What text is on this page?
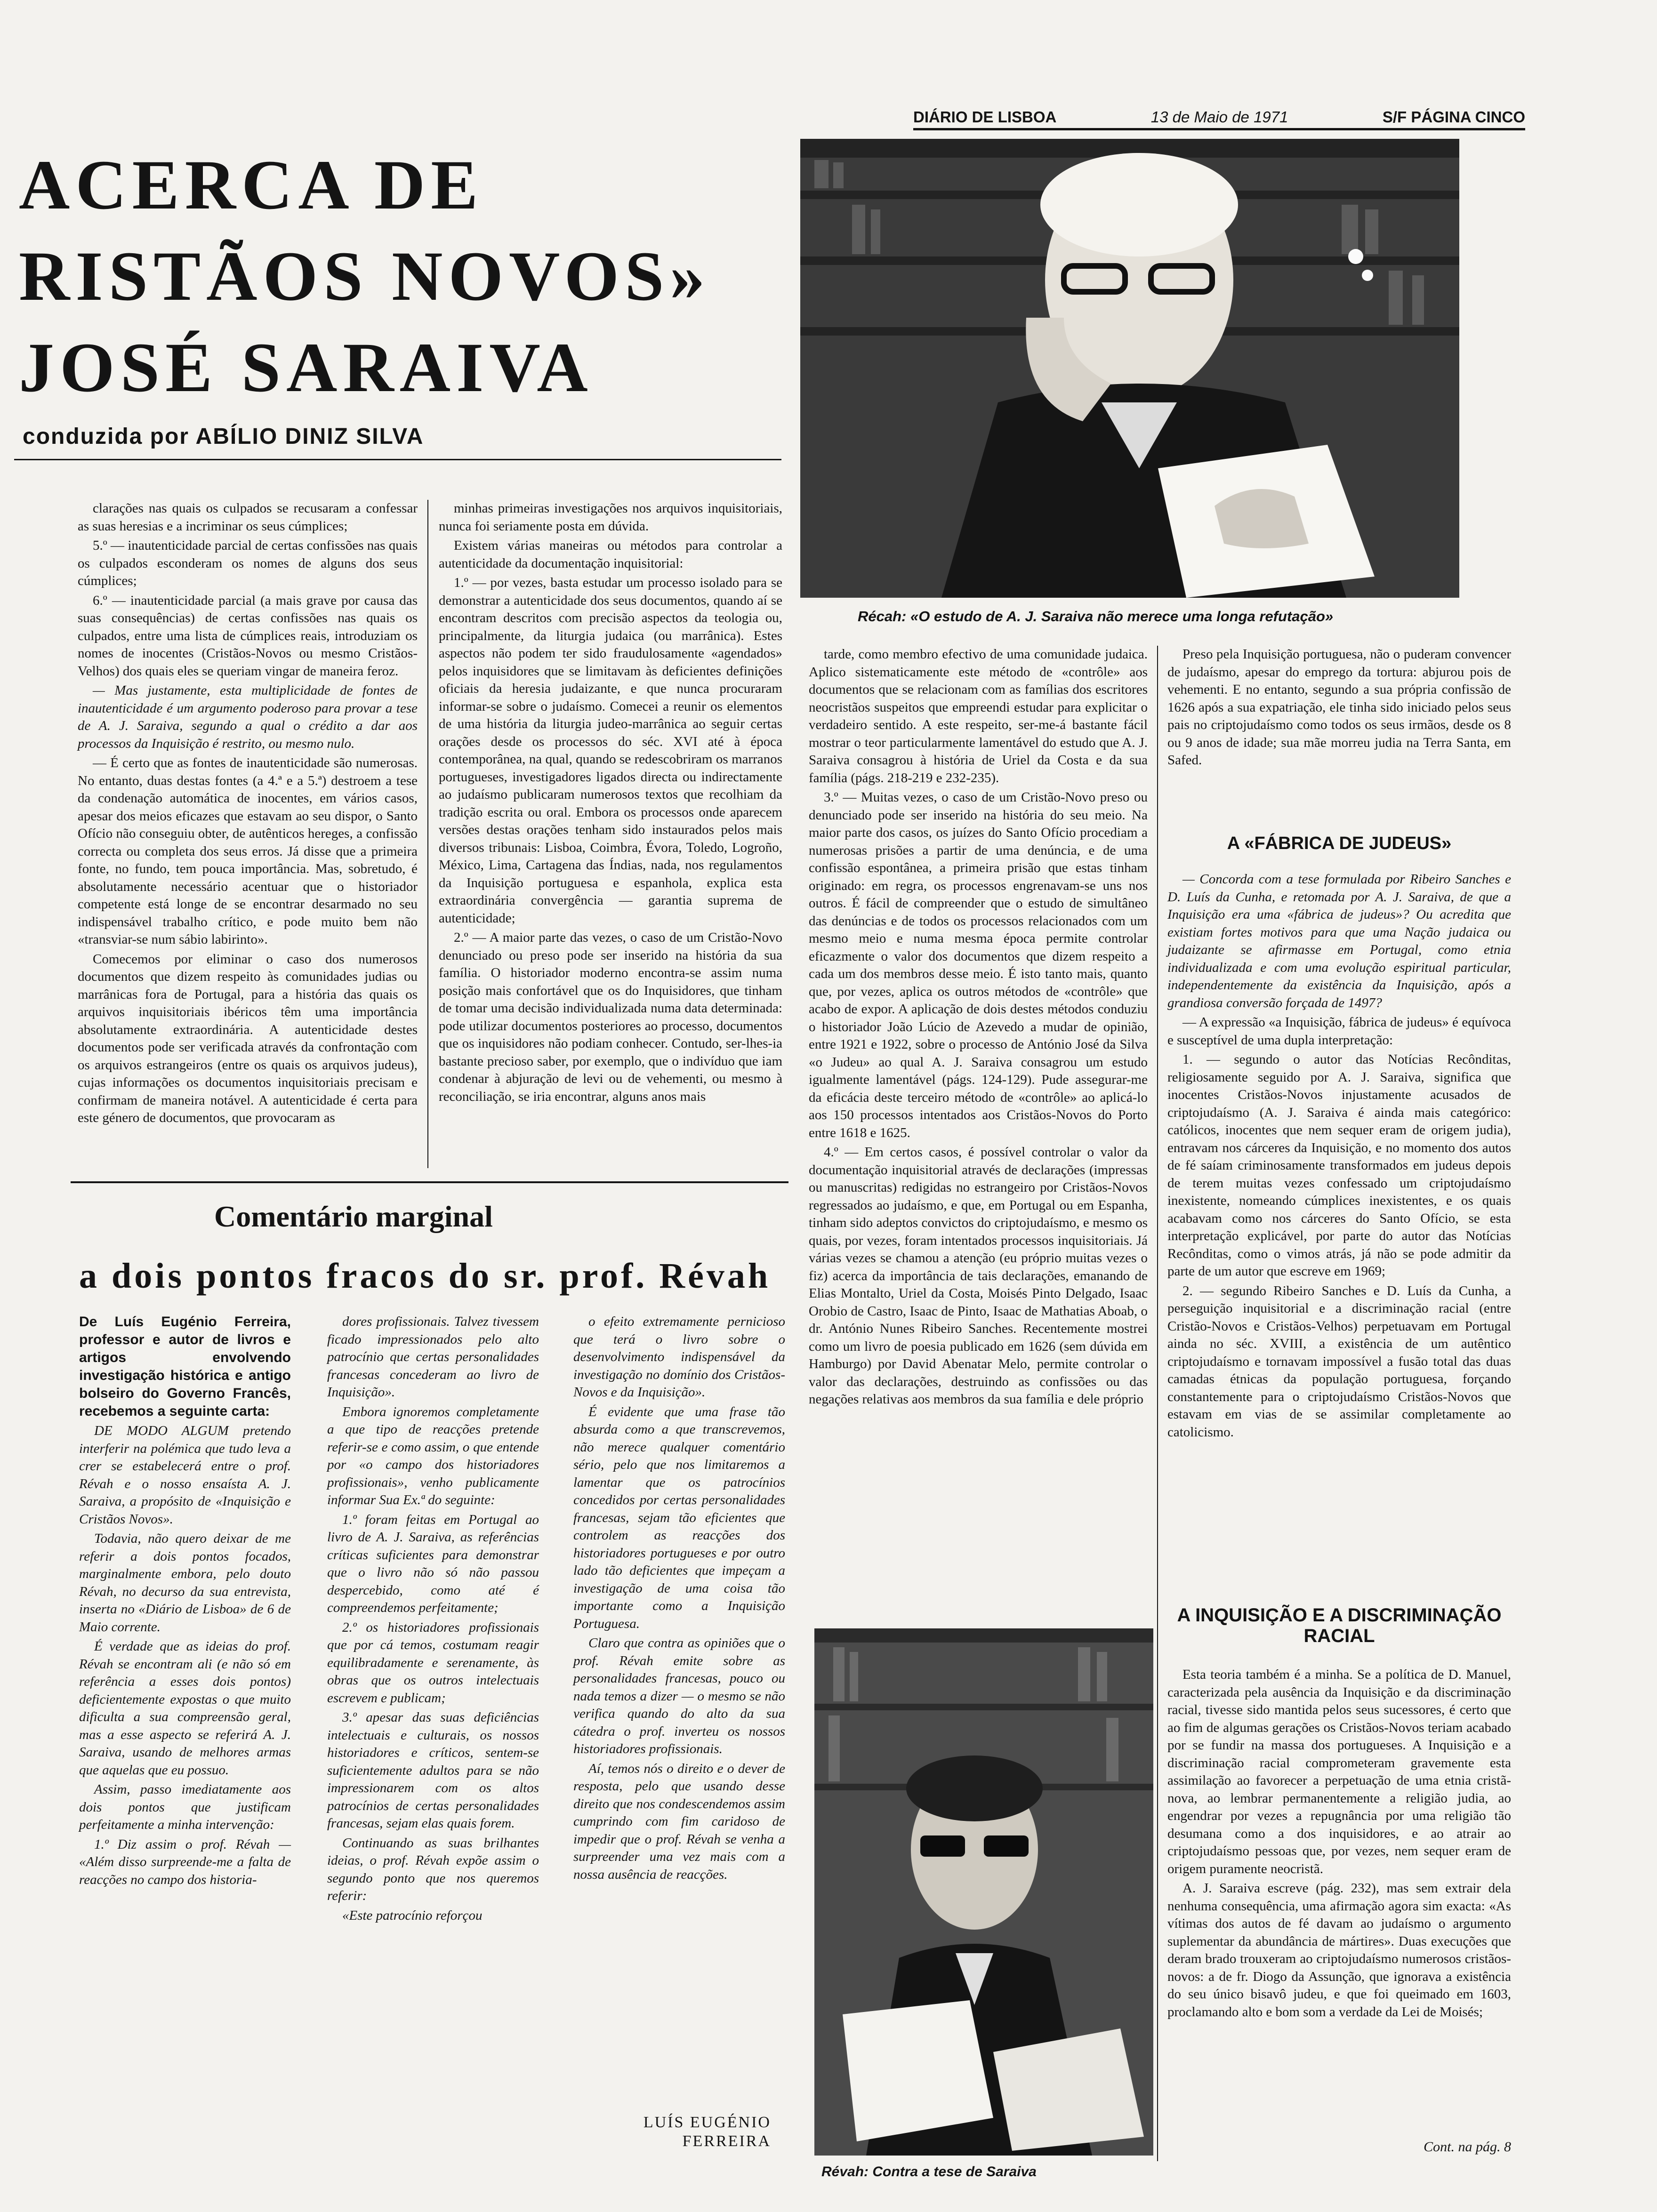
DIÁRIO DE LISBOA	13 de Maio de 1971	S/F PÁGINA CINCO
ACERCA DE
RISTÃOS NOVOS»
JOSÉ SARAIVA
conduzida por ABÍLIO DINIZ SILVA
Récah: «O estudo de A. J. Saraiva não merece uma longa refutação»

clarações nas quais os culpados se recusaram a confessar as suas heresias e a incriminar os seus cúmplices;

5.º — inautenticidade parcial de certas confissões nas quais os culpados esconderam os nomes de alguns dos seus cúmplices;

6.º — inautenticidade parcial (a mais grave por causa das suas consequências) de certas confissões nas quais os culpados, entre uma lista de cúmplices reais, introduziam os nomes de inocentes (Cristãos-Novos ou mesmo Cristãos-Velhos) dos quais eles se queriam vingar de maneira feroz.

— Mas justamente, esta multiplicidade de fontes de inautenticidade é um argumento poderoso para provar a tese de A. J. Saraiva, segundo a qual o crédito a dar aos processos da Inquisição é restrito, ou mesmo nulo.

— É certo que as fontes de inautenticidade são numerosas. No entanto, duas destas fontes (a 4.ª e a 5.ª) destroem a tese da condenação automática de inocentes, em vários casos, apesar dos meios eficazes que estavam ao seu dispor, o Santo Ofício não conseguiu obter, de autênticos hereges, a confissão correcta ou completa dos seus erros. Já disse que a primeira fonte, no fundo, tem pouca importância. Mas, sobretudo, é absolutamente necessário acentuar que o historiador competente está longe de se encontrar desarmado no seu indispensável trabalho crítico, e pode muito bem não «transviar-se num sábio labirinto».

Comecemos por eliminar o caso dos numerosos documentos que dizem respeito às comunidades judias ou marrânicas fora de Portugal, para a história das quais os arquivos inquisitoriais ibéricos têm uma importância absolutamente extraordinária. A autenticidade destes documentos pode ser verificada através da confrontação com os arquivos estrangeiros (entre os quais os arquivos judeus), cujas informações os documentos inquisitoriais precisam e confirmam de maneira notável. A autenticidade é certa para este género de documentos, que provocaram as

minhas primeiras investigações nos arquivos inquisitoriais, nunca foi seriamente posta em dúvida.

Existem várias maneiras ou métodos para controlar a autenticidade da documentação inquisitorial:

1.º — por vezes, basta estudar um processo isolado para se demonstrar a autenticidade dos seus documentos, quando aí se encontram descritos com precisão aspectos da teologia ou, principalmente, da liturgia judaica (ou marrânica). Estes aspectos não podem ter sido fraudulosamente «agendados» pelos inquisidores que se limitavam às deficientes definições oficiais da heresia judaizante, e que nunca procuraram informar-se sobre o judaísmo. Comecei a reunir os elementos de uma história da liturgia judeo-marrânica ao seguir certas orações desde os processos do séc. XVI até à época contemporânea, na qual, quando se redescobriram os marranos portugueses, investigadores ligados directa ou indirectamente ao judaísmo publicaram numerosos textos que recolhiam da tradição escrita ou oral. Embora os processos onde aparecem versões destas orações tenham sido instaurados pelos mais diversos tribunais: Lisboa, Coimbra, Évora, Toledo, Logroño, México, Lima, Cartagena das Índias, nada, nos regulamentos da Inquisição portuguesa e espanhola, explica esta extraordinária convergência — garantia suprema de autenticidade;

2.º — A maior parte das vezes, o caso de um Cristão-Novo denunciado ou preso pode ser inserido na história da sua família. O historiador moderno encontra-se assim numa posição mais confortável que os do Inquisidores, que tinham de tomar uma decisão individualizada numa data determinada: pode utilizar documentos posteriores ao processo, documentos que os inquisidores não podiam conhecer. Contudo, ser-lhes-ia bastante precioso saber, por exemplo, que o indivíduo que iam condenar à abjuração de levi ou de vehementi, ou mesmo à reconciliação, se iria encontrar, alguns anos mais

tarde, como membro efectivo de uma comunidade judaica. Aplico sistematicamente este método de «contrôle» aos documentos que se relacionam com as famílias dos escritores neocristãos suspeitos que empreendi estudar para explicitar o verdadeiro sentido. A este respeito, ser-me-á bastante fácil mostrar o teor particularmente lamentável do estudo que A. J. Saraiva consagrou à história de Uriel da Costa e da sua família (págs. 218-219 e 232-235).

3.º — Muitas vezes, o caso de um Cristão-Novo preso ou denunciado pode ser inserido na história do seu meio. Na maior parte dos casos, os juízes do Santo Ofício procediam a numerosas prisões a partir de uma denúncia, e de uma confissão espontânea, a primeira prisão que estas tinham originado: em regra, os processos engrenavam-se uns nos outros. É fácil de compreender que o estudo de simultâneo das denúncias e de todos os processos relacionados com um mesmo meio e numa mesma época permite controlar eficazmente o valor dos documentos que dizem respeito a cada um dos membros desse meio. É isto tanto mais, quanto que, por vezes, aplica os outros métodos de «contrôle» que acabo de expor. A aplicação de dois destes métodos conduziu o historiador João Lúcio de Azevedo a mudar de opinião, entre 1921 e 1922, sobre o processo de António José da Silva «o Judeu» ao qual A. J. Saraiva consagrou um estudo igualmente lamentável (págs. 124-129). Pude assegurar-me da eficácia deste terceiro método de «contrôle» ao aplicá-lo aos 150 processos intentados aos Cristãos-Novos do Porto entre 1618 e 1625.

4.º — Em certos casos, é possível controlar o valor da documentação inquisitorial através de declarações (impressas ou manuscritas) redigidas no estrangeiro por Cristãos-Novos regressados ao judaísmo, e que, em Portugal ou em Espanha, tinham sido adeptos convictos do criptojudaísmo, e mesmo os quais, por vezes, foram intentados processos inquisitoriais. Já várias vezes se chamou a atenção (eu próprio muitas vezes o fiz) acerca da importância de tais declarações, emanando de Elias Montalto, Uriel da Costa, Moisés Pinto Delgado, Isaac Orobio de Castro, Isaac de Pinto, Isaac de Mathatias Aboab, o dr. António Nunes Ribeiro Sanches. Recentemente mostrei como um livro de poesia publicado em 1626 (sem dúvida em Hamburgo) por David Abenatar Melo, permite controlar o valor das declarações, destruindo as confissões ou das negações relativas aos membros da sua família e dele próprio

Preso pela Inquisição portuguesa, não o puderam convencer de judaísmo, apesar do emprego da tortura: abjurou pois de vehementi. E no entanto, segundo a sua própria confissão de 1626 após a sua expatriação, ele tinha sido iniciado pelos seus pais no criptojudaísmo como todos os seus irmãos, desde os 8 ou 9 anos de idade; sua mãe morreu judia na Terra Santa, em Safed.

A «FÁBRICA DE JUDEUS»

— Concorda com a tese formulada por Ribeiro Sanches e D. Luís da Cunha, e retomada por A. J. Saraiva, de que a Inquisição era uma «fábrica de judeus»? Ou acredita que existiam fortes motivos para que uma Nação judaica ou judaizante se afirmasse em Portugal, como etnia individualizada e com uma evolução espiritual particular, independentemente da existência da Inquisição, após a grandiosa conversão forçada de 1497?

— A expressão «a Inquisição, fábrica de judeus» é equívoca e susceptível de uma dupla interpretação:

1. — segundo o autor das Notícias Recônditas, religiosamente seguido por A. J. Saraiva, significa que inocentes Cristãos-Novos injustamente acusados de criptojudaísmo (A. J. Saraiva é ainda mais categórico: católicos, inocentes que nem sequer eram de origem judia), entravam nos cárceres da Inquisição, e no momento dos autos de fé saíam criminosamente transformados em judeus depois de terem muitas vezes confessado um criptojudaísmo inexistente, nomeando cúmplices inexistentes, e os quais acabavam como nos cárceres do Santo Ofício, se esta interpretação explicável, por parte do autor das Notícias Recônditas, como o vimos atrás, já não se pode admitir da parte de um autor que escreve em 1969;

2. — segundo Ribeiro Sanches e D. Luís da Cunha, a perseguição inquisitorial e a discriminação racial (entre Cristão-Novos e Cristãos-Velhos) perpetuavam em Portugal ainda no séc. XVIII, a existência de um autêntico criptojudaísmo e tornavam impossível a fusão total das duas camadas étnicas da população portuguesa, forçando constantemente para o criptojudaísmo Cristãos-Novos que estavam em vias de se assimilar completamente ao catolicismo.

A INQUISIÇÃO E A DISCRIMINAÇÃO RACIAL

Esta teoria também é a minha. Se a política de D. Manuel, caracterizada pela ausência da Inquisição e da discriminação racial, tivesse sido mantida pelos seus sucessores, é certo que ao fim de algumas gerações os Cristãos-Novos teriam acabado por se fundir na massa dos portugueses. A Inquisição e a discriminação racial comprometeram gravemente esta assimilação ao favorecer a perpetuação de uma etnia cristã-nova, ao lembrar permanentemente a religião judia, ao engendrar por vezes a repugnância por uma religião tão desumana como a dos inquisidores, e ao atrair ao criptojudaísmo pessoas que, por vezes, nem sequer eram de origem puramente neocristã.

A. J. Saraiva escreve (pág. 232), mas sem extrair dela nenhuma consequência, uma afirmação agora sim exacta: «As vítimas dos autos de fé davam ao judaísmo o argumento suplementar da abundância de mártires». Duas execuções que deram brado trouxeram ao criptojudaísmo numerosos cristãos-novos: a de fr. Diogo da Assunção, que ignorava a existência do seu único bisavô judeu, e que foi queimado em 1603, proclamando alto e bom som a verdade da Lei de Moisés;

Cont. na pág. 8
Comentário marginal
a dois pontos fracos do sr. prof. Révah

De Luís Eugénio Ferreira, professor e autor de livros e artigos envolvendo investigação histórica e antigo bolseiro do Governo Francês, recebemos a seguinte carta:

DE MODO ALGUM pretendo interferir na polémica que tudo leva a crer se estabelecerá entre o prof. Révah e o nosso ensaísta A. J. Saraiva, a propósito de «Inquisição e Cristãos Novos».

Todavia, não quero deixar de me referir a dois pontos focados, marginalmente embora, pelo douto Révah, no decurso da sua entrevista, inserta no «Diário de Lisboa» de 6 de Maio corrente.

É verdade que as ideias do prof. Révah se encontram ali (e não só em referência a esses dois pontos) deficientemente expostas o que muito dificulta a sua compreensão geral, mas a esse aspecto se referirá A. J. Saraiva, usando de melhores armas que aquelas que eu possuo.

Assim, passo imediatamente aos dois pontos que justificam perfeitamente a minha intervenção:

1.º Diz assim o prof. Révah — «Além disso surpreende-me a falta de reacções no campo dos historia-

dores profissionais. Talvez tivessem ficado impressionados pelo alto patrocínio que certas personalidades francesas concederam ao livro de Inquisição».

Embora ignoremos completamente a que tipo de reacções pretende referir-se e como assim, o que entende por «o campo dos historiadores profissionais», venho publicamente informar Sua Ex.ª do seguinte:

1.º foram feitas em Portugal ao livro de A. J. Saraiva, as referências críticas suficientes para demonstrar que o livro não só não passou despercebido, como até é compreendemos perfeitamente;

2.º os historiadores profissionais que por cá temos, costumam reagir equilibradamente e serenamente, às obras que os outros intelectuais escrevem e publicam;

3.º apesar das suas deficiências intelectuais e culturais, os nossos historiadores e críticos, sentem-se suficientemente adultos para se não impressionarem com os altos patrocínios de certas personalidades francesas, sejam elas quais forem.

Continuando as suas brilhantes ideias, o prof. Révah expõe assim o segundo ponto que nos queremos referir:

«Este patrocínio reforçou

o efeito extremamente pernicioso que terá o livro sobre o desenvolvimento indispensável da investigação no domínio dos Cristãos-Novos e da Inquisição».

É evidente que uma frase tão absurda como a que transcrevemos, não merece qualquer comentário sério, pelo que nos limitaremos a lamentar que os patrocínios concedidos por certas personalidades francesas, sejam tão eficientes que controlem as reacções dos historiadores portugueses e por outro lado tão deficientes que impeçam a investigação de uma coisa tão importante como a Inquisição Portuguesa.

Claro que contra as opiniões que o prof. Révah emite sobre as personalidades francesas, pouco ou nada temos a dizer — o mesmo se não verifica quando do alto da sua cátedra o prof. inverteu os nossos historiadores profissionais.

Aí, temos nós o direito e o dever de resposta, pelo que usando desse direito que nos condescendemos assim cumprindo com fim caridoso de impedir que o prof. Révah se venha a surpreender uma vez mais com a nossa ausência de reacções.

LUÍS EUGÉNIO
FERREIRA
Révah: Contra a tese de Saraiva
